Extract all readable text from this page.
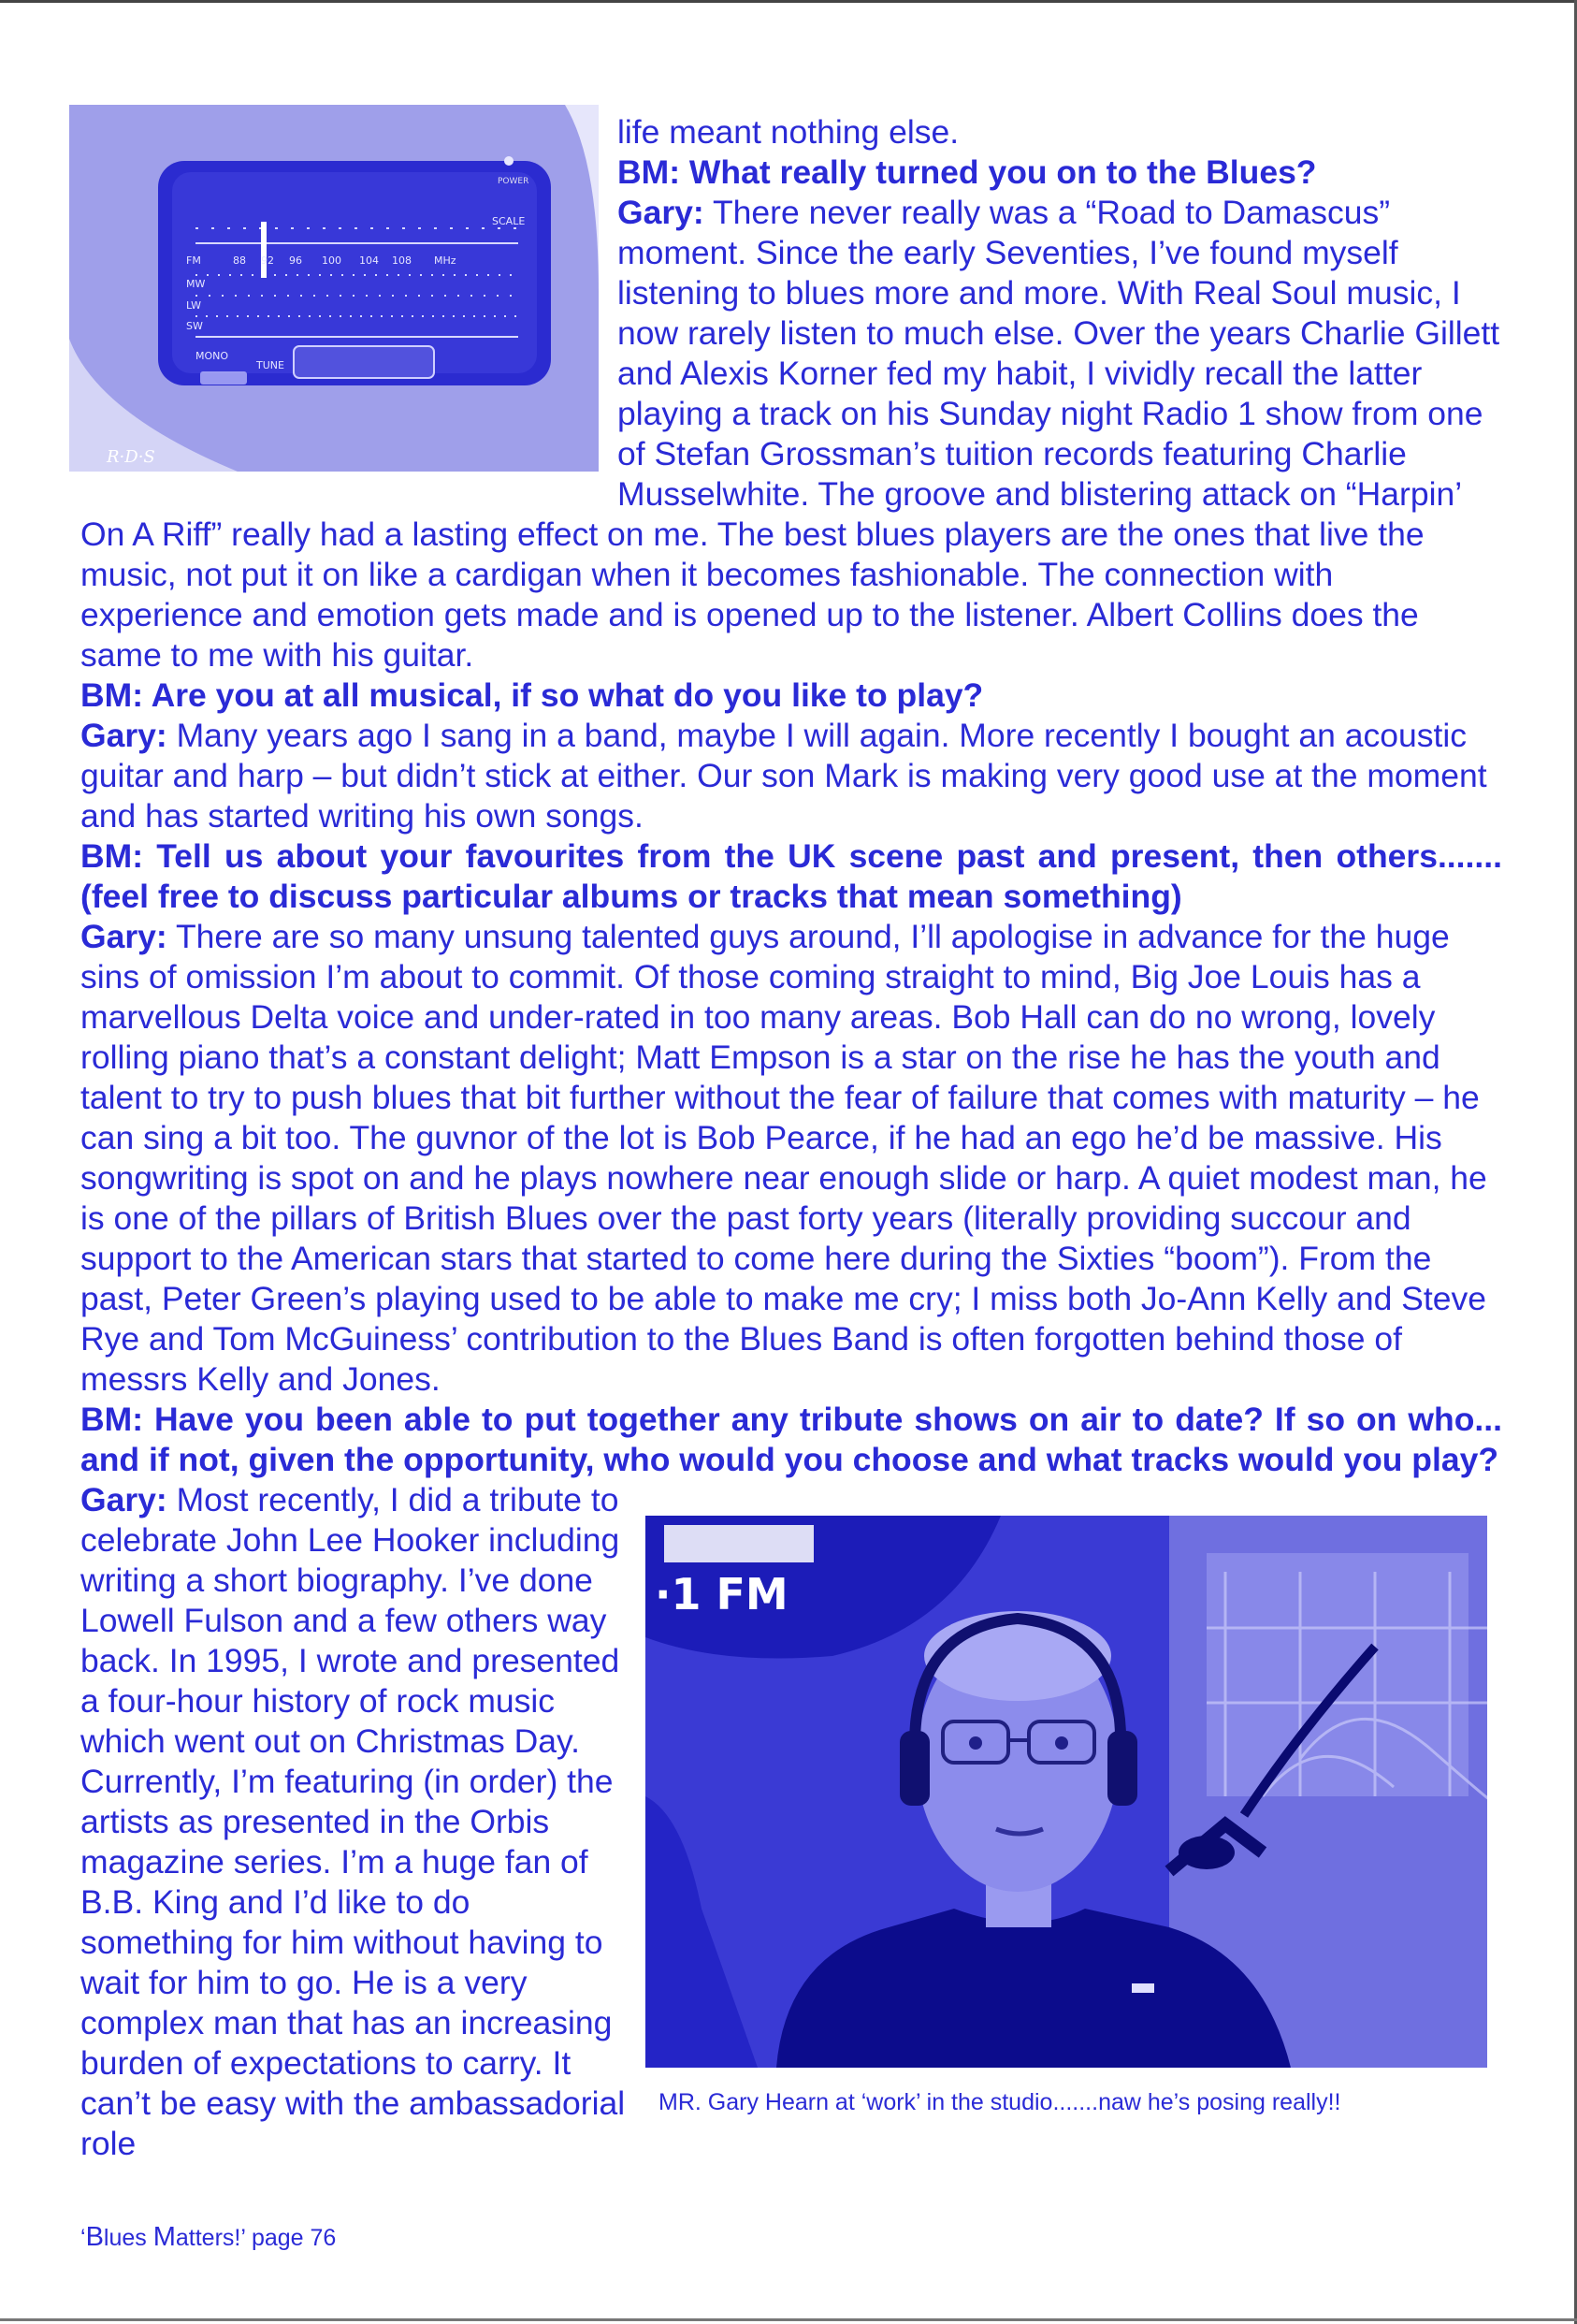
POWER
FM
MW
LW
SW
SCALE
88 92 96 100 104 108 MHz
MONO
TUNE
R·D·S

life meant nothing else.

BM: What really turned you on to the Blues?

Gary: There never really was a “Road to Damascus” moment. Since the early Seventies, I’ve found myself listening to blues more and more. With Real Soul music, I now rarely listen to much else. Over the years Charlie Gillett and Alexis Korner fed my habit, I vividly recall the latter playing a track on his Sunday night Radio 1 show from one of Stefan Grossman’s tuition records featuring Charlie Musselwhite. The groove and blistering attack on “Harpin’ On A Riff” really had a lasting effect on me. The best blues players are the ones that live the music, not put it on like a cardigan when it becomes fashionable. The connection with experience and emotion gets made and is opened up to the listener. Albert Collins does the same to me with his guitar.

BM: Are you at all musical, if so what do you like to play?

Gary: Many years ago I sang in a band, maybe I will again. More recently I bought an acoustic guitar and harp – but didn’t stick at either. Our son Mark is making very good use at the moment and has started writing his own songs.

BM: Tell us about your favourites from the UK scene past and present, then others.......(feel free to discuss particular albums or tracks that mean something)

Gary: There are so many unsung talented guys around, I’ll apologise in advance for the huge sins of omission I’m about to commit. Of those coming straight to mind, Big Joe Louis has a marvellous Delta voice and under-rated in too many areas. Bob Hall can do no wrong, lovely rolling piano that’s a constant delight; Matt Empson is a star on the rise he has the youth and talent to try to push blues that bit further without the fear of failure that comes with maturity – he can sing a bit too. The guvnor of the lot is Bob Pearce, if he had an ego he’d be massive. His songwriting is spot on and he plays nowhere near enough slide or harp. A quiet modest man, he is one of the pillars of British Blues over the past forty years (literally providing succour and support to the American stars that started to come here during the Sixties “boom”). From the past, Peter Green’s playing used to be able to make me cry; I miss both Jo-Ann Kelly and Steve Rye and Tom McGuiness’ contribution to the Blues Band is often forgotten behind those of messrs Kelly and Jones.

BM: Have you been able to put together any tribute shows on air to date? If so on who... and if not, given the opportunity, who would you choose and what tracks would you play?

·1 FM
MR. Gary Hearn at ‘work’ in the studio.......naw he’s posing really!!

Gary: Most recently, I did a tribute to celebrate John Lee Hooker including writing a short biography. I’ve done Lowell Fulson and a few others way back. In 1995, I wrote and presented a four-hour history of rock music which went out on Christmas Day. Currently, I’m featuring (in order) the artists as presented in the Orbis magazine series. I’m a huge fan of B.B. King and I’d like to do something for him without having to wait for him to go. He is a very complex man that has an increasing burden of expectations to carry. It can’t be easy with the ambassadorial role

‘Blues Matters!’ page 76
